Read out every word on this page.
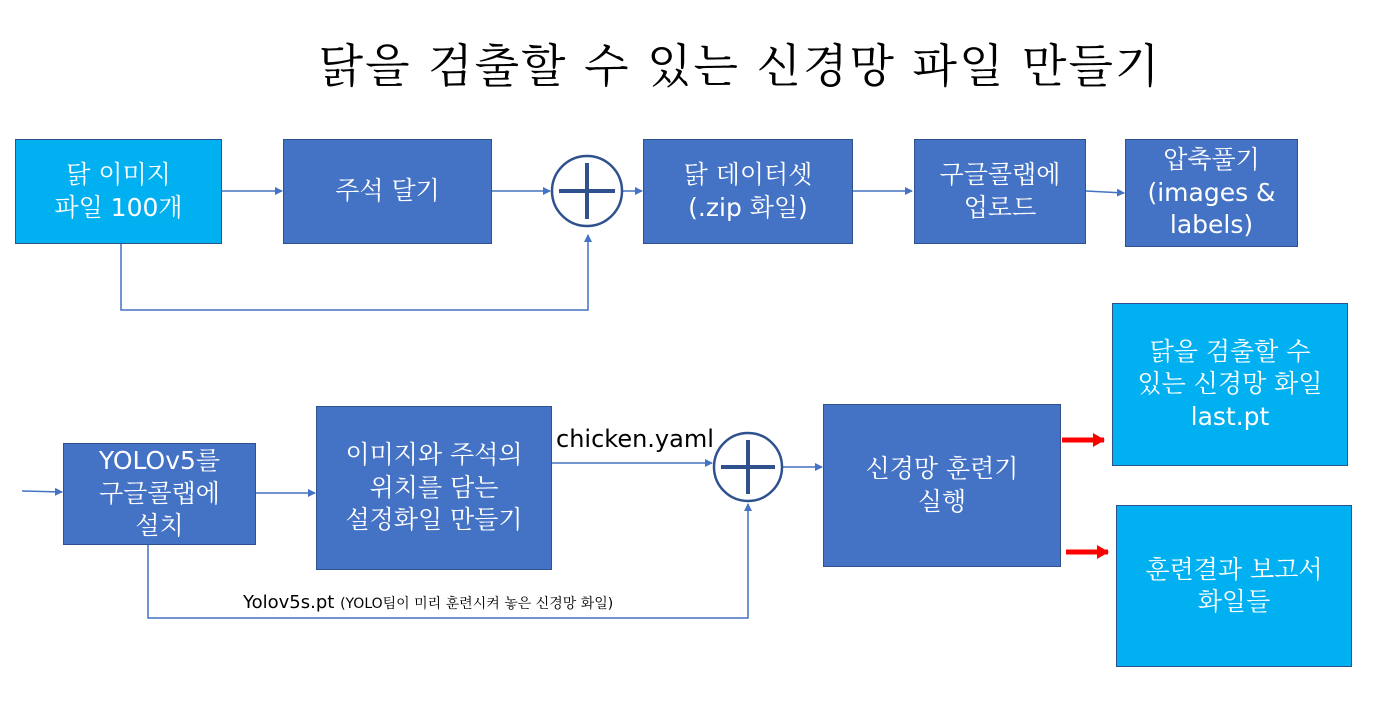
닭을 검출할 수 있는 신경망 파일 만들기
닭 이미지
파일 100개
주석 달기
닭 데이터셋
(.zip 화일)
구글콜랩에
업로드
압축풀기
(images &
labels)
YOLOv5를
구글콜랩에
설치
이미지와 주석의
위치를 담는
설정화일 만들기
신경망 훈련기
실행
닭을 검출할 수
있는 신경망 화일
last.pt
훈련결과 보고서
화일들
chicken.yaml
Yolov5s.pt (YOLO팀이 미리 훈련시켜 놓은 신경망 화일)
